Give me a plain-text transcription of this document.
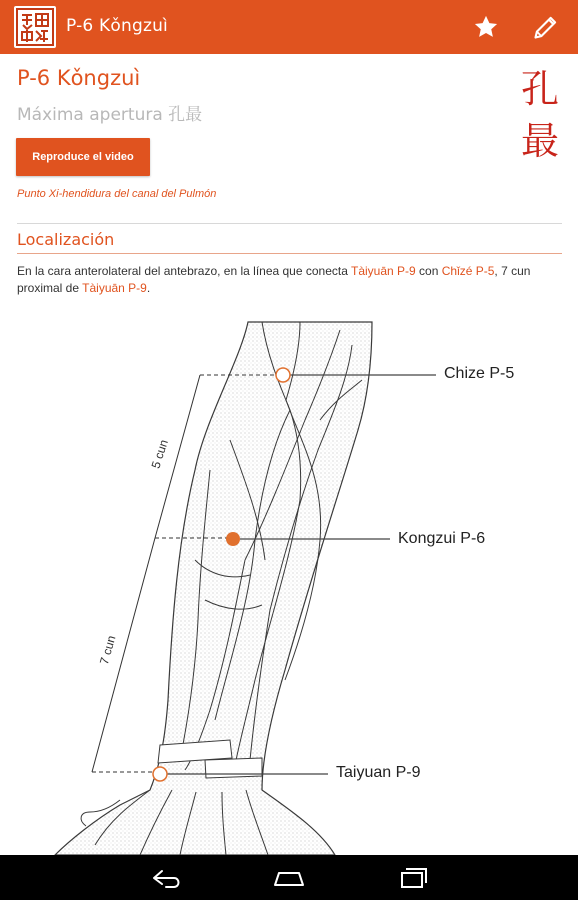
P-6 Kǒngzuì
P-6 Kǒngzuì
Máxima apertura 孔最
孔
最
Reproduce el video
Punto Xi-hendidura del canal del Pulmón
Localización
En la cara anterolateral del antebrazo, en la línea que conecta Tàiyuān P-9 con Chǐzé P-5, 7 cun proximal de Tàiyuān P-9.
Chize P-5
Kongzui P-6
Taiyuan P-9
5 cun
7 cun
